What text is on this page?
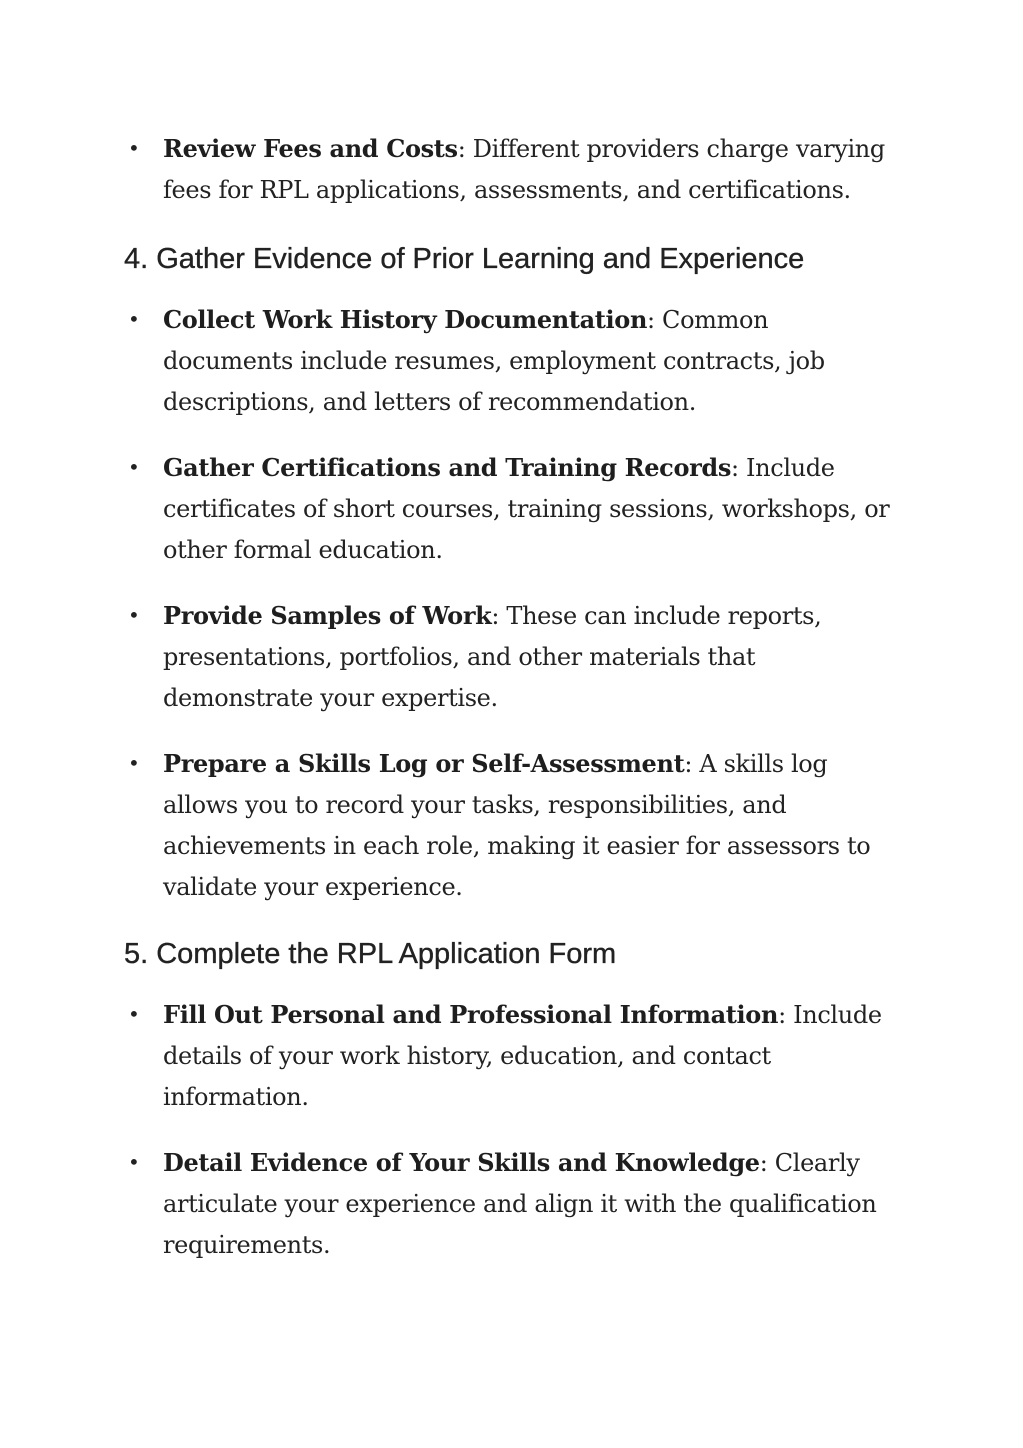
• Review Fees and Costs: Different providers charge varying fees for RPL applications, assessments, and certifications.
4. Gather Evidence of Prior Learning and Experience
• Collect Work History Documentation: Common documents include resumes, employment contracts, job descriptions, and letters of recommendation.
• Gather Certifications and Training Records: Include certificates of short courses, training sessions, workshops, or other formal education.
• Provide Samples of Work: These can include reports, presentations, portfolios, and other materials that demonstrate your expertise.
• Prepare a Skills Log or Self-Assessment: A skills log allows you to record your tasks, responsibilities, and achievements in each role, making it easier for assessors to validate your experience.
5. Complete the RPL Application Form
• Fill Out Personal and Professional Information: Include details of your work history, education, and contact information.
• Detail Evidence of Your Skills and Knowledge: Clearly articulate your experience and align it with the qualification requirements.
